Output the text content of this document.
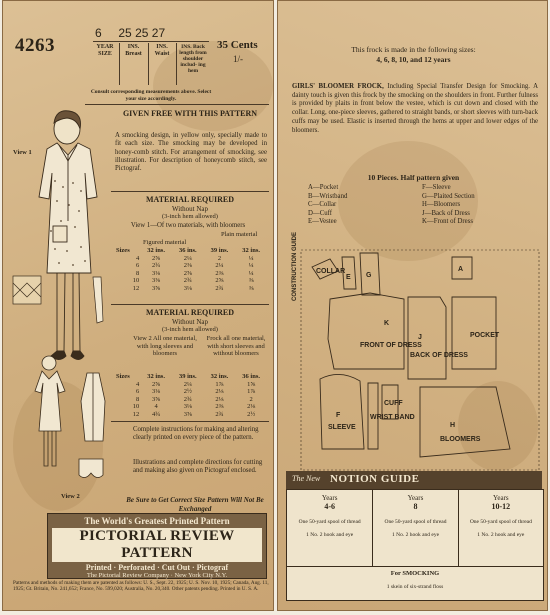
4263
6 25 25 27
YEAR
SIZE
INS. Breast
INS. Waist
INS. Back length from shoulder includ- ing hem
35 Cents
1/-
Consult corresponding measurements above. Select your size accordingly.
View 1
View 2
GIVEN FREE WITH THIS PATTERN
A smocking design, in yellow only, specially made to fit each size. The smocking may be developed in honey-comb stitch. For arrangement of smocking, see illustration. For description of honeycomb stitch, see Pictograf.
MATERIAL REQUIRED
Without Nap
(3-inch hem allowed)
View 1—Of two materials, with bloomers
Plain material
Figured material
Sizes	32 ins.	36 ins.	39 ins.	32 ins.
4	2⅝	2¼	2	¼
6	2¾	2⅜	2¼	¼
8	3⅛	2⅝	2⅜	¼
10	3⅜	2¾	2⅝	⅜
12	3⅝	3⅛	2¾	⅜
MATERIAL REQUIRED
Without Nap
(3-inch hem allowed)
View 2 All one material, with long sleeves and bloomers
Frock all one material, with short sleeves and without bloomers
Sizes	32 ins.	39 ins.	32 ins.	36 ins.
4	2⅝	2¼	1⅞	1⅝
6	3⅛	2½	2⅛	1⅞
8	3⅝	2¾	2⅛	2
10	4	3⅛	2⅜	2⅛
12	4¾	3⅝	2¾	2½
Complete instructions for making and altering clearly printed on every piece of the pattern.
Illustrations and complete directions for cutting and making also given on Pictograf enclosed.
Be Sure to Get Correct Size Pattern Will Not Be Exchanged
The World's Greatest Printed Pattern
PICTORIAL REVIEW PATTERN
Printed · Perforated · Cut Out · Pictograf
The Pictorial Review Company · New York City N.Y.
Patterns and methods of making them are patented as follows: U. S., Sept. 22, 1925; U. S. Nov. 10, 1925; Canada, Aug. 11, 1925; Gt. Britain, No. 241,652; France, No. 599,020; Australia, No. 20,340. Other patents pending. Printed in U. S. A.
This frock is made in the following sizes:
4, 6, 8, 10, and 12 years
GIRLS' BLOOMER FROCK, Including Special Transfer Design for Smocking. A dainty touch is given this frock by the smocking on the shoulders in front. Further fulness is provided by plaits in front below the vestee, which is cut down and closed with the collar. Long, one-piece sleeves, gathered to straight bands, or short sleeves with turn-back cuffs may be used. Elastic is inserted through the hems at upper and lower edges of the bloomers.
10 Pieces. Half pattern given
A—Pocket
B—Wristband
C—Collar
D—Cuff
E—Vestee
F—Sleeve
G—Plaited Section
H—Bloomers
J—Back of Dress
K—Front of Dress
CONSTRUCTION GUIDE	COLLAR
E G
K
FRONT OF DRESS
J
BACK OF DRESS
A
F
SLEEVE
WRIST BAND
CUFF
H
BLOOMERS
POCKET
The New NOTION GUIDE
Years
4-6
One 50-yard spool of thread
1 No. 2 hook and eye
Years
8
One 50-yard spool of thread
1 No. 2 hook and eye
Years
10-12
One 50-yard spool of thread
1 No. 2 hook and eye
For SMOCKING
1 skein of six-strand floss
